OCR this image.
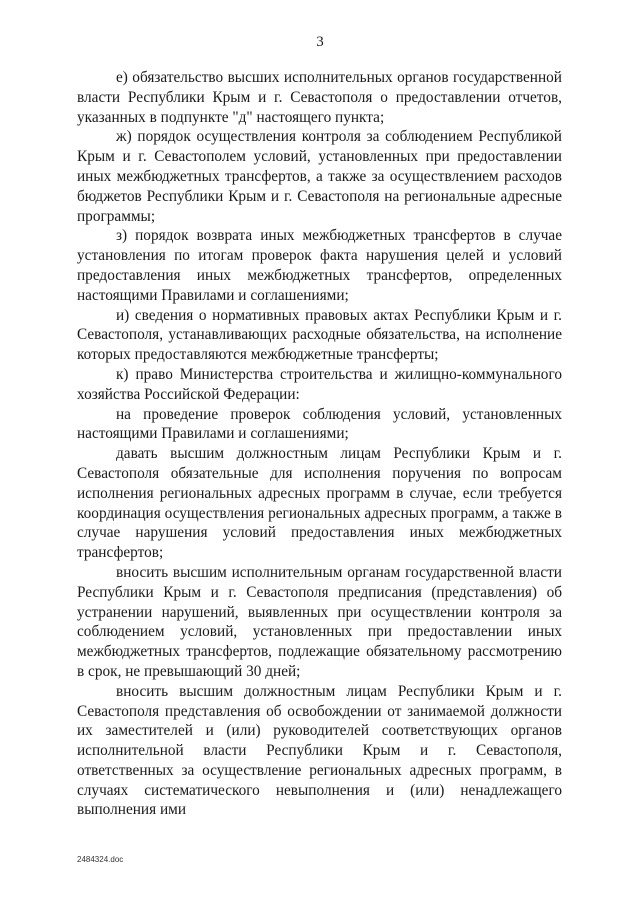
3

е) обязательство высших исполнительных органов государственной власти Республики Крым и г. Севастополя о предоставлении отчетов, указанных в подпункте "д" настоящего пункта;

ж) порядок осуществления контроля за соблюдением Республикой Крым и г. Севастополем условий, установленных при предоставлении иных межбюджетных трансфертов, а также за осуществлением расходов бюджетов Республики Крым и г. Севастополя на региональные адресные программы;

з) порядок возврата иных межбюджетных трансфертов в случае установления по итогам проверок факта нарушения целей и условий предоставления иных межбюджетных трансфертов, определенных настоящими Правилами и соглашениями;

и) сведения о нормативных правовых актах Республики Крым и г. Севастополя, устанавливающих расходные обязательства, на исполнение которых предоставляются межбюджетные трансферты;

к) право Министерства строительства и жилищно-коммунального хозяйства Российской Федерации:

на проведение проверок соблюдения условий, установленных настоящими Правилами и соглашениями;

давать высшим должностным лицам Республики Крым и г. Севастополя обязательные для исполнения поручения по вопросам исполнения региональных адресных программ в случае, если требуется координация осуществления региональных адресных программ, а также в случае нарушения условий предоставления иных межбюджетных трансфертов;

вносить высшим исполнительным органам государственной власти Республики Крым и г. Севастополя предписания (представления) об устранении нарушений, выявленных при осуществлении контроля за соблюдением условий, установленных при предоставлении иных межбюджетных трансфертов, подлежащие обязательному рассмотрению в срок, не превышающий 30 дней;

вносить высшим должностным лицам Республики Крым и г. Севастополя представления об освобождении от занимаемой должности их заместителей и (или) руководителей соответствующих органов исполнительной власти Республики Крым и г. Севастополя, ответственных за осуществление региональных адресных программ, в случаях систематического невыполнения и (или) ненадлежащего выполнения ими

2484324.doc
